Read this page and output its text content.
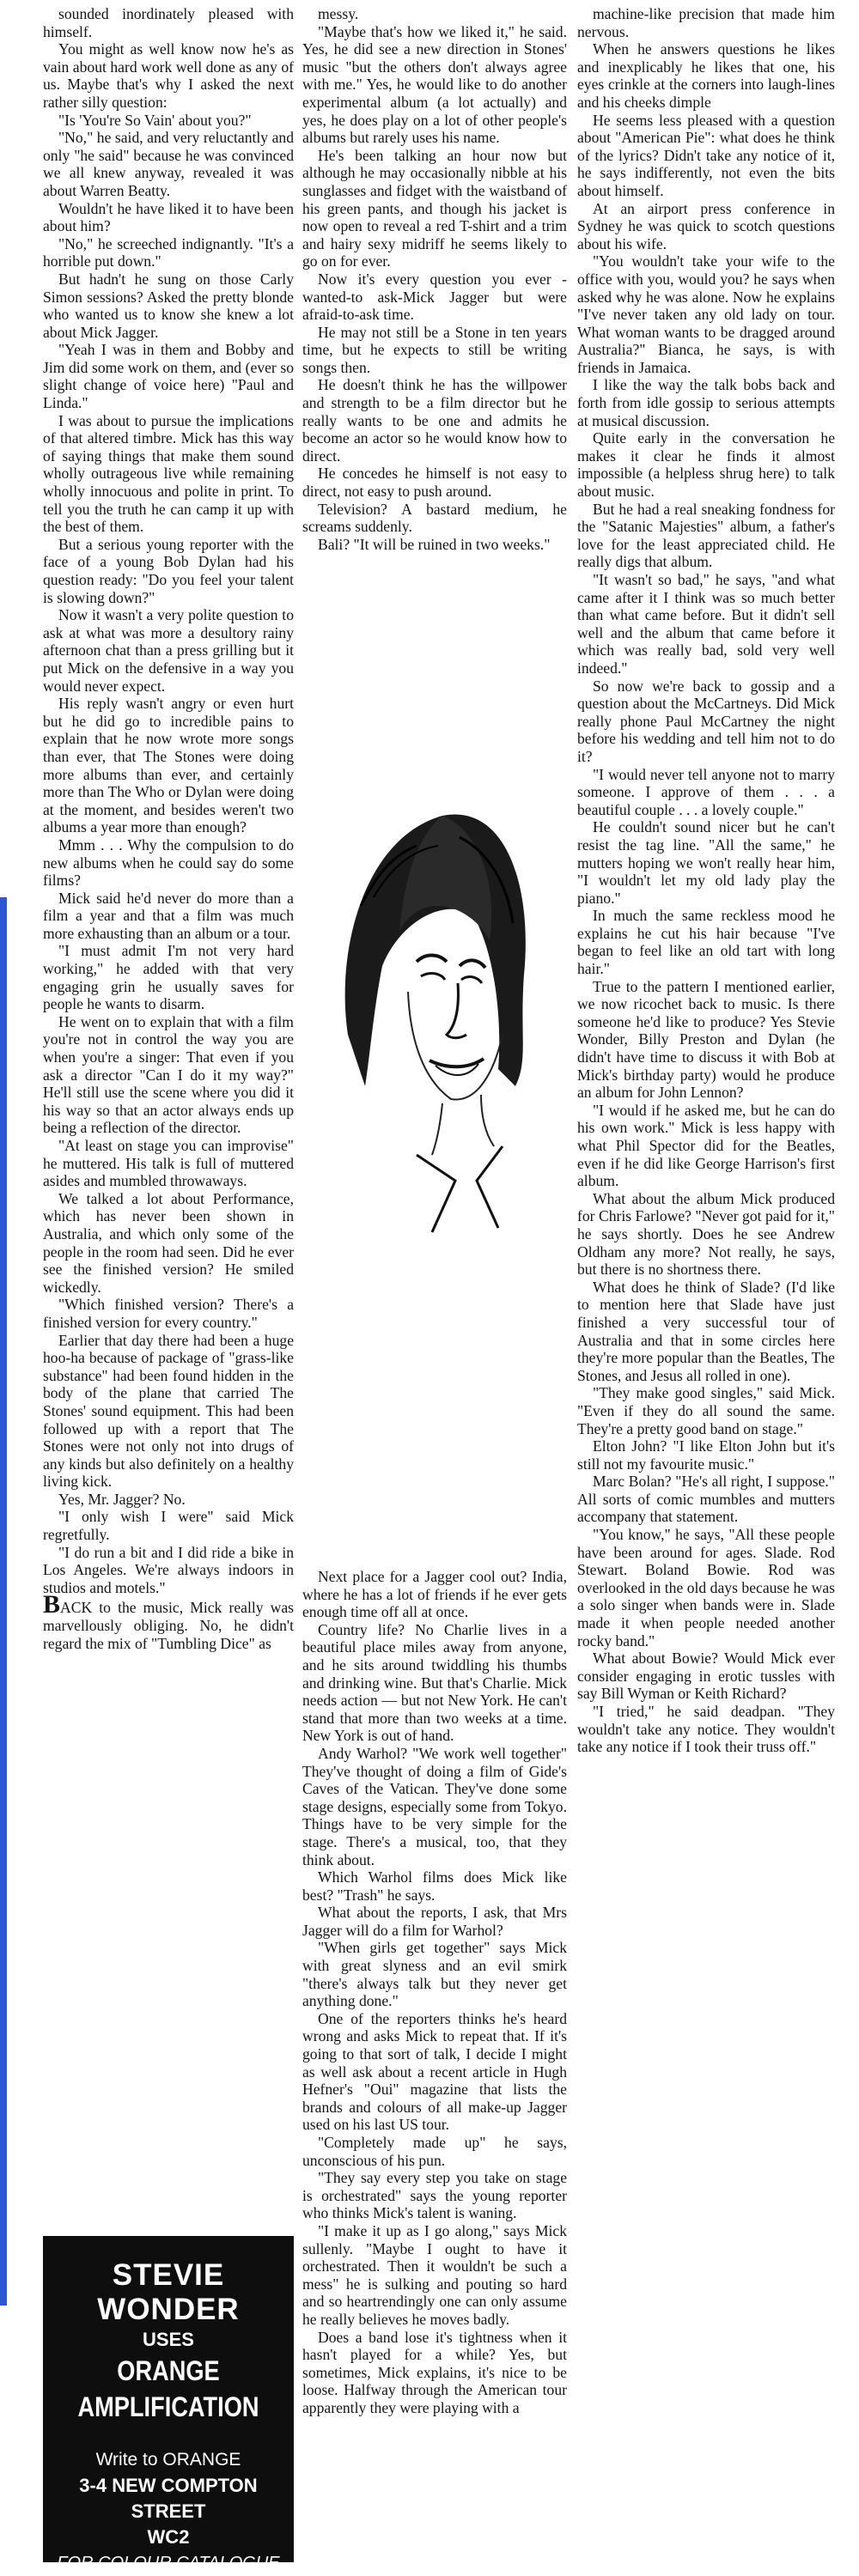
sounded inordinately pleased with himself.

You might as well know now he's as vain about hard work well done as any of us. Maybe that's why I asked the next rather silly question:

"Is 'You're So Vain' about you?"

"No," he said, and very reluctantly and only "he said" because he was convinced we all knew anyway, revealed it was about Warren Beatty.

Wouldn't he have liked it to have been about him?

"No," he screeched indignantly. "It's a horrible put down."

But hadn't he sung on those Carly Simon sessions? Asked the pretty blonde who wanted us to know she knew a lot about Mick Jagger.

"Yeah I was in them and Bobby and Jim did some work on them, and (ever so slight change of voice here) "Paul and Linda."

I was about to pursue the implications of that altered timbre. Mick has this way of saying things that make them sound wholly outrageous live while remaining wholly innocuous and polite in print. To tell you the truth he can camp it up with the best of them.

But a serious young reporter with the face of a young Bob Dylan had his question ready: "Do you feel your talent is slowing down?"

Now it wasn't a very polite question to ask at what was more a desultory rainy afternoon chat than a press grilling but it put Mick on the defensive in a way you would never expect.

His reply wasn't angry or even hurt but he did go to incredible pains to explain that he now wrote more songs than ever, that The Stones were doing more albums than ever, and certainly more than The Who or Dylan were doing at the moment, and besides weren't two albums a year more than enough?

Mmm . . . Why the compulsion to do new albums when he could say do some films?

Mick said he'd never do more than a film a year and that a film was much more exhausting than an album or a tour.

"I must admit I'm not very hard working," he added with that very engaging grin he usually saves for people he wants to disarm.

He went on to explain that with a film you're not in control the way you are when you're a singer: That even if you ask a director "Can I do it my way?" He'll still use the scene where you did it his way so that an actor always ends up being a reflection of the director.

"At least on stage you can improvise" he muttered. His talk is full of muttered asides and mumbled throwaways.

We talked a lot about Performance, which has never been shown in Australia, and which only some of the people in the room had seen. Did he ever see the finished version? He smiled wickedly.

"Which finished version? There's a finished version for every country."

Earlier that day there had been a huge hoo-ha because of package of "grass-like substance" had been found hidden in the body of the plane that carried The Stones' sound equipment. This had been followed up with a report that The Stones were not only not into drugs of any kinds but also definitely on a healthy living kick.

Yes, Mr. Jagger? No.

"I only wish I were" said Mick regretfully.

"I do run a bit and I did ride a bike in Los Angeles. We're always indoors in studios and motels."

BACK to the music, Mick really was marvellously obliging. No, he didn't regard the mix of "Tumbling Dice" as

messy.

"Maybe that's how we liked it," he said. Yes, he did see a new direction in Stones' music "but the others don't always agree with me." Yes, he would like to do another experimental album (a lot actually) and yes, he does play on a lot of other people's albums but rarely uses his name.

He's been talking an hour now but although he may occasionally nibble at his sunglasses and fidget with the waistband of his green pants, and though his jacket is now open to reveal a red T-shirt and a trim and hairy sexy midriff he seems likely to go on for ever.

Now it's every question you ever - wanted-to ask-Mick Jagger but were afraid-to-ask time.

He may not still be a Stone in ten years time, but he expects to still be writing songs then.

He doesn't think he has the willpower and strength to be a film director but he really wants to be one and admits he become an actor so he would know how to direct.

He concedes he himself is not easy to direct, not easy to push around.

Television? A bastard medium, he screams suddenly.

Bali? "It will be ruined in two weeks."

Next place for a Jagger cool out? India, where he has a lot of friends if he ever gets enough time off all at once.

Country life? No Charlie lives in a beautiful place miles away from anyone, and he sits around twiddling his thumbs and drinking wine. But that's Charlie. Mick needs action — but not New York. He can't stand that more than two weeks at a time. New York is out of hand.

Andy Warhol? "We work well together" They've thought of doing a film of Gide's Caves of the Vatican. They've done some stage designs, especially some from Tokyo. Things have to be very simple for the stage. There's a musical, too, that they think about.

Which Warhol films does Mick like best? "Trash" he says.

What about the reports, I ask, that Mrs Jagger will do a film for Warhol?

"When girls get together" says Mick with great slyness and an evil smirk "there's always talk but they never get anything done."

One of the reporters thinks he's heard wrong and asks Mick to repeat that. If it's going to that sort of talk, I decide I might as well ask about a recent article in Hugh Hefner's "Oui" magazine that lists the brands and colours of all make-up Jagger used on his last US tour.

"Completely made up" he says, unconscious of his pun.

"They say every step you take on stage is orchestrated" says the young reporter who thinks Mick's talent is waning.

"I make it up as I go along," says Mick sullenly. "Maybe I ought to have it orchestrated. Then it wouldn't be such a mess" he is sulking and pouting so hard and so heartrendingly one can only assume he really believes he moves badly.

Does a band lose it's tightness when it hasn't played for a while? Yes, but sometimes, Mick explains, it's nice to be loose. Halfway through the American tour apparently they were playing with a

machine-like precision that made him nervous.

When he answers questions he likes and inexplicably he likes that one, his eyes crinkle at the corners into laugh-lines and his cheeks dimple

He seems less pleased with a question about "American Pie": what does he think of the lyrics? Didn't take any notice of it, he says indifferently, not even the bits about himself.

At an airport press conference in Sydney he was quick to scotch questions about his wife.

"You wouldn't take your wife to the office with you, would you? he says when asked why he was alone. Now he explains "I've never taken any old lady on tour. What woman wants to be dragged around Australia?" Bianca, he says, is with friends in Jamaica.

I like the way the talk bobs back and forth from idle gossip to serious attempts at musical discussion.

Quite early in the conversation he makes it clear he finds it almost impossible (a helpless shrug here) to talk about music.

But he had a real sneaking fondness for the "Satanic Majesties" album, a father's love for the least appreciated child. He really digs that album.

"It wasn't so bad," he says, "and what came after it I think was so much better than what came before. But it didn't sell well and the album that came before it which was really bad, sold very well indeed."

So now we're back to gossip and a question about the McCartneys. Did Mick really phone Paul McCartney the night before his wedding and tell him not to do it?

"I would never tell anyone not to marry someone. I approve of them . . . a beautiful couple . . . a lovely couple."

He couldn't sound nicer but he can't resist the tag line. "All the same," he mutters hoping we won't really hear him, "I wouldn't let my old lady play the piano."

In much the same reckless mood he explains he cut his hair because "I've began to feel like an old tart with long hair."

True to the pattern I mentioned earlier, we now ricochet back to music. Is there someone he'd like to produce? Yes Stevie Wonder, Billy Preston and Dylan (he didn't have time to discuss it with Bob at Mick's birthday party) would he produce an album for John Lennon?

"I would if he asked me, but he can do his own work." Mick is less happy with what Phil Spector did for the Beatles, even if he did like George Harrison's first album.

What about the album Mick produced for Chris Farlowe? "Never got paid for it," he says shortly. Does he see Andrew Oldham any more? Not really, he says, but there is no shortness there.

What does he think of Slade? (I'd like to mention here that Slade have just finished a very successful tour of Australia and that in some circles here they're more popular than the Beatles, The Stones, and Jesus all rolled in one).

"They make good singles," said Mick. "Even if they do all sound the same. They're a pretty good band on stage."

Elton John? "I like Elton John but it's still not my favourite music."

Marc Bolan? "He's all right, I suppose." All sorts of comic mumbles and mutters accompany that statement.

"You know," he says, "All these people have been around for ages. Slade. Rod Stewart. Boland Bowie. Rod was overlooked in the old days because he was a solo singer when bands were in. Slade made it when people needed another rocky band."

What about Bowie? Would Mick ever consider engaging in erotic tussles with say Bill Wyman or Keith Richard?

"I tried," he said deadpan. "They wouldn't take any notice. They wouldn't take any notice if I took their truss off."

STEVIE WONDER
USES
ORANGE AMPLIFICATION
Write to ORANGE
3-4 NEW COMPTON STREET
WC2
FOR COLOUR CATALOGUE
